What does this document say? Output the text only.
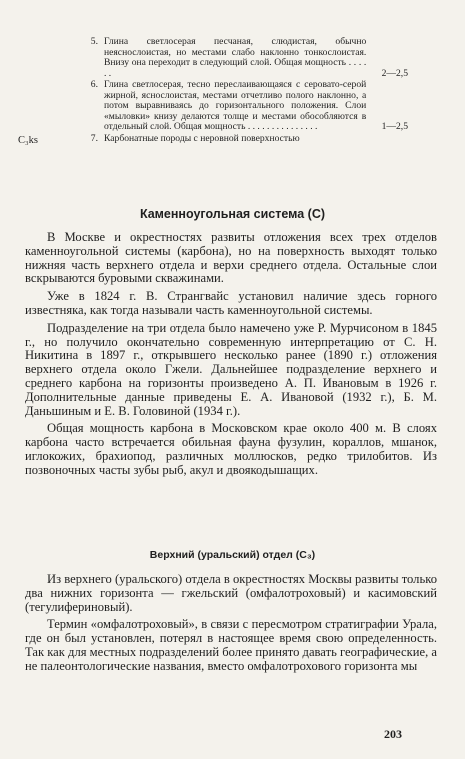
5. Глина светлосерая песчаная, слюдистая, обычно неяснослоистая, но местами слабо наклонно тонкослоистая. Внизу она переходит в следующий слой. Общая мощность . . . . . .	2—2,5
6. Глина светлосерая, тесно переслаивающаяся с серовато-серой жирной, яснослоистая, местами отчетливо полого наклонно, а потом выравниваясь до горизонтального положения. Слои «мыловки» книзу делаются толще и местами обособляются в отдельный слой. Общая мощность . . . . . . . . . . . . . . .	1—2,5
C₃ks	7. Карбонатные породы с неровной поверхностью
Каменноугольная система (С)

В Москве и окрестностях развиты отложения всех трех отделов каменноугольной системы (карбона), но на поверхность выходят только нижняя часть верхнего отдела и верхи среднего отдела. Остальные слои вскрываются буровыми скважинами.

Уже в 1824 г. В. Странгвайс установил наличие здесь горного известняка, как тогда называли часть каменноугольной системы.

Подразделение на три отдела было намечено уже Р. Мурчисоном в 1845 г., но получило окончательно современную интерпретацию от С. Н. Никитина в 1897 г., открывшего несколько ранее (1890 г.) отложения верхнего отдела около Гжели. Дальнейшее подразделение верхнего и среднего карбона на горизонты произведено А. П. Ивановым в 1926 г. Дополнительные данные приведены Е. А. Ивановой (1932 г.), Б. М. Даньшиным и Е. В. Головиной (1934 г.).

Общая мощность карбона в Московском крае около 400 м. В слоях карбона часто встречается обильная фауна фузулин, кораллов, мшанок, иглокожих, брахиопод, различных моллюсков, редко трилобитов. Из позвоночных часты зубы рыб, акул и двоякодышащих.

Верхний (уральский) отдел (С₃)

Из верхнего (уральского) отдела в окрестностях Москвы развиты только два нижних горизонта — гжельский (омфалотроховый) и касимовский (тегулифериновый).

Термин «омфалотроховый», в связи с пересмотром стратиграфии Урала, где он был установлен, потерял в настоящее время свою определенность. Так как для местных подразделений более принято давать географические, а не палеонтологические названия, вместо омфалотрохового горизонта мы

203
